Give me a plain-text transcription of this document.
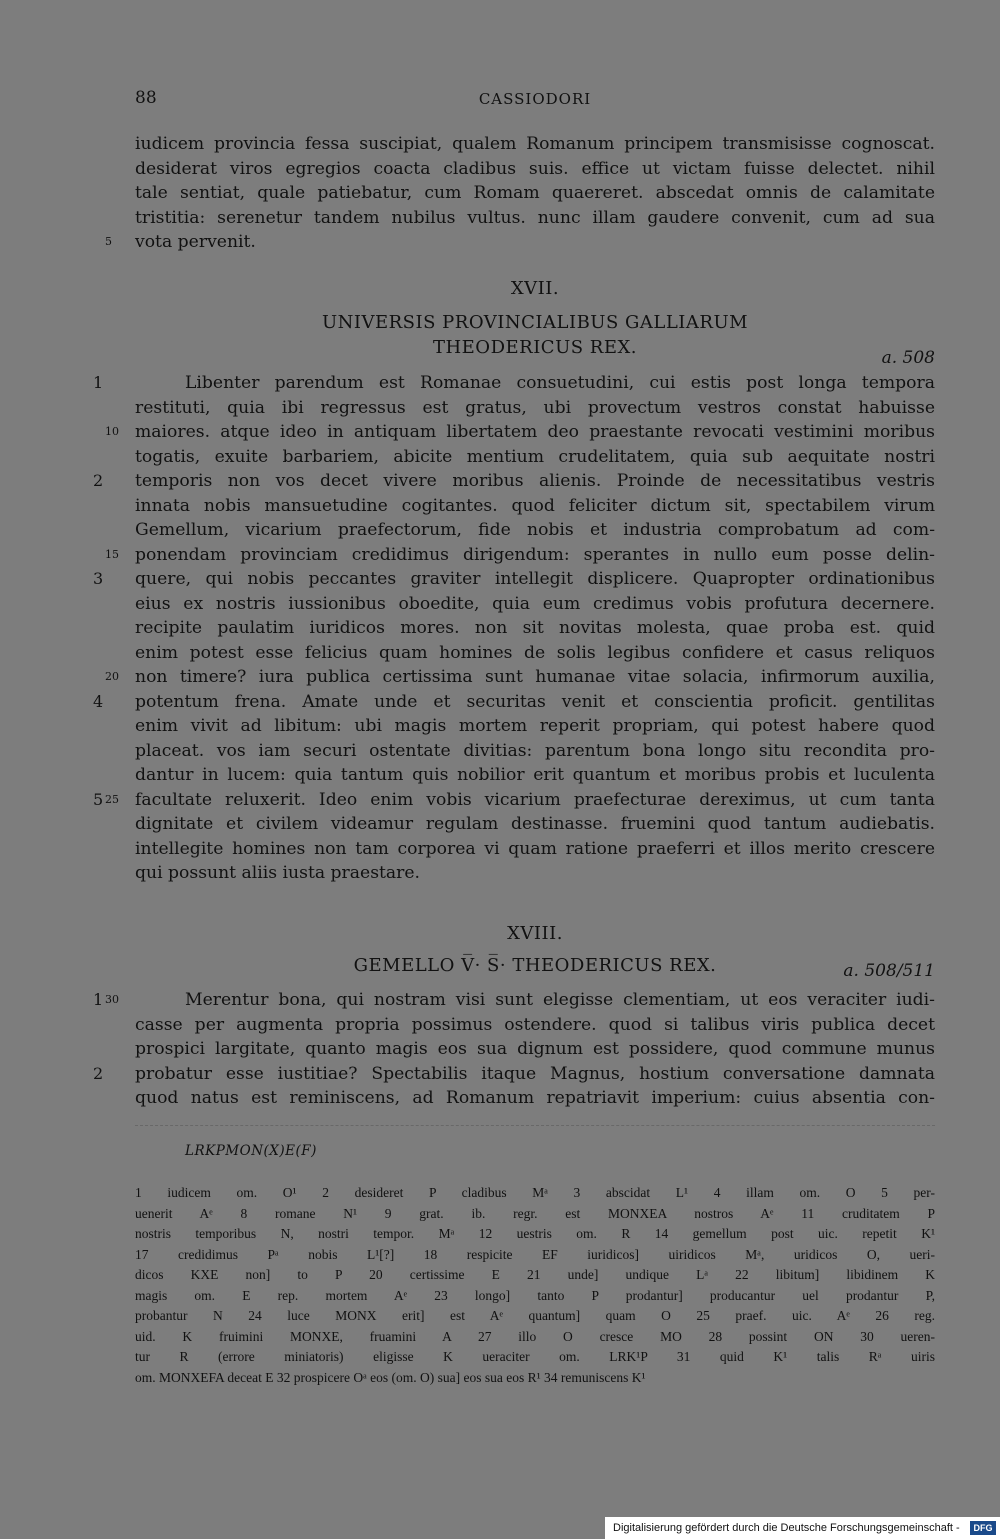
88	CASSIODORI
iudicem provincia fessa suscipiat, qualem Romanum principem transmisisse cognoscat.
desiderat viros egregios coacta cladibus suis. effice ut victam fuisse delectet. nihil
tale sentiat, quale patiebatur, cum Romam quaereret. abscedat omnis de calamitate
tristitia: serenetur tandem nubilus vultus. nunc illam gaudere convenit, cum ad sua
5 vota pervenit.
XVII.
UNIVERSIS PROVINCIALIBUS GALLIARUM
THEODERICUS REX.	a. 508
1	Libenter parendum est Romanae consuetudini, cui estis post longa tempora
restituti, quia ibi regressus est gratus, ubi provectum vestros constat habuisse
10 maiores. atque ideo in antiquam libertatem deo praestante revocati vestimini moribus
togatis, exuite barbariem, abicite mentium crudelitatem, quia sub aequitate nostri
2 temporis non vos decet vivere moribus alienis. Proinde de necessitatibus vestris
innata nobis mansuetudine cogitantes. quod feliciter dictum sit, spectabilem virum
Gemellum, vicarium praefectorum, fide nobis et industria comprobatum ad com-
15 ponendam provinciam credidimus dirigendum: sperantes in nullo eum posse delin-
3 quere, qui nobis peccantes graviter intellegit displicere. Quapropter ordinationibus
eius ex nostris iussionibus oboedite, quia eum credimus vobis profutura decernere.
recipite paulatim iuridicos mores. non sit novitas molesta, quae proba est. quid
enim potest esse felicius quam homines de solis legibus confidere et casus reliquos
20 non timere? iura publica certissima sunt humanae vitae solacia, infirmorum auxilia,
4 potentum frena. Amate unde et securitas venit et conscientia proficit. gentilitas
enim vivit ad libitum: ubi magis mortem reperit propriam, qui potest habere quod
placeat. vos iam securi ostentate divitias: parentum bona longo situ recondita pro-
dantur in lucem: quia tantum quis nobilior erit quantum et moribus probis et luculenta
5 25 facultate reluxerit. Ideo enim vobis vicarium praefecturae dereximus, ut cum tanta
dignitate et civilem videamur regulam destinasse. fruemini quod tantum audiebatis.
intellegite homines non tam corporea vi quam ratione praeferri et illos merito crescere
qui possunt aliis iusta praestare.
XVIII.
GEMELLO V̅· S̅· THEODERICUS REX.	a. 508/511
1 30	Merentur bona, qui nostram visi sunt elegisse clementiam, ut eos veraciter iudi-
casse per augmenta propria possimus ostendere. quod si talibus viris publica decet
prospici largitate, quanto magis eos sua dignum est possidere, quod commune munus
2 probatur esse iustitiae? Spectabilis itaque Magnus, hostium conversatione damnata
quod natus est reminiscens, ad Romanum repatriavit imperium: cuius absentia con-
LRKPMON(X)E(F)
1 iudicem om. O¹ 2 desideret P cladibus Mᵃ 3 abscidat L¹ 4 illam om. O 5 per-
uenerit Aᵉ 8 romane N¹ 9 grat. ib. regr. est MONXEA nostros Aᵉ 11 cruditatem P
nostris temporibus N, nostri tempor. Mᵃ 12 uestris om. R 14 gemellum post uic. repetit K¹
17 credidimus Pᵃ nobis L¹[?] 18 respicite EF iuridicos] uiridicos Mᵃ, uridicos O, ueri-
dicos KXE non] to P 20 certissime E 21 unde] undique Lᵃ 22 libitum] libidinem K
magis om. E rep. mortem Aᵉ 23 longo] tanto P prodantur] producantur uel prodantur P,
probantur N 24 luce MONX erit] est Aᵉ quantum] quam O 25 praef. uic. Aᵉ 26 reg.
uid. K fruimini MONXE, fruamini A 27 illo O cresce MO 28 possint ON 30 ueren-
tur R (errore miniatoris) eligisse K ueraciter om. LRK¹P 31 quid K¹ talis Rᵃ uiris
om. MONXEFA deceat E 32 prospicere Oᵃ eos (om. O) sua] eos sua eos R¹ 34 remuniscens K¹
Digitalisierung gefördert durch die Deutsche Forschungsgemeinschaft -	DFG
